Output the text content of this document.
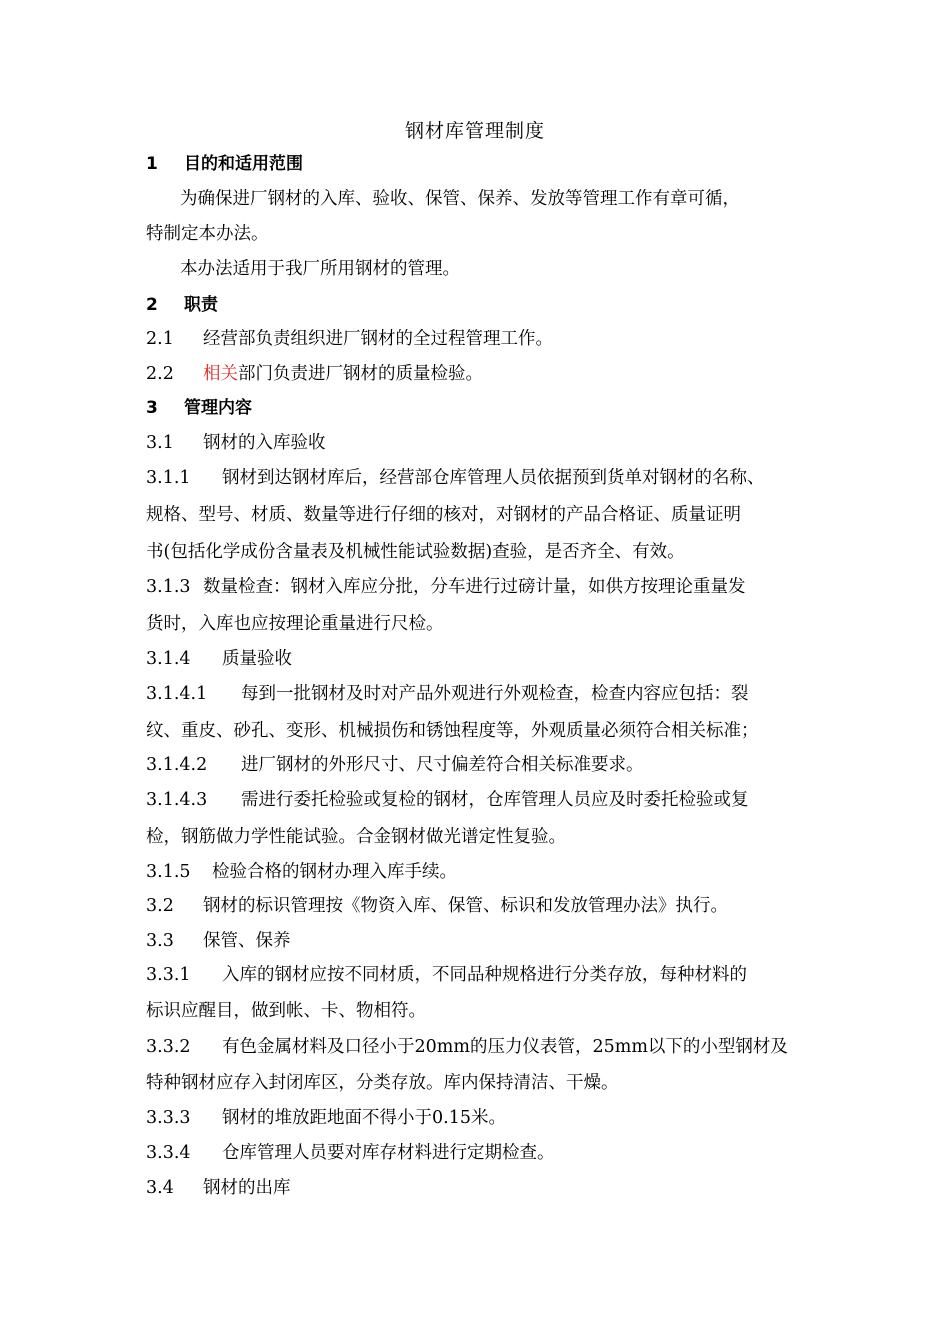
钢材库管理制度
1 目的和适用范围
为确保进厂钢材的入库、验收、保管、保养、发放等管理工作有章可循，
特制定本办法。
本办法适用于我厂所用钢材的管理。
2 职责
2.1 经营部负责组织进厂钢材的全过程管理工作。
2.2 相关部门负责进厂钢材的质量检验。
3 管理内容
3.1 钢材的入库验收
3.1.1 钢材到达钢材库后，经营部仓库管理人员依据预到货单对钢材的名称、
规格、型号、材质、数量等进行仔细的核对，对钢材的产品合格证、质量证明
书(包括化学成份含量表及机械性能试验数据)查验，是否齐全、有效。
3.1.3 数量检查：钢材入库应分批，分车进行过磅计量，如供方按理论重量发
货时，入库也应按理论重量进行尺检。
3.1.4 质量验收
3.1.4.1 每到一批钢材及时对产品外观进行外观检查，检查内容应包括：裂
纹、重皮、砂孔、变形、机械损伤和锈蚀程度等，外观质量必须符合相关标准；
3.1.4.2 进厂钢材的外形尺寸、尺寸偏差符合相关标准要求。
3.1.4.3 需进行委托检验或复检的钢材，仓库管理人员应及时委托检验或复
检，钢筋做力学性能试验。合金钢材做光谱定性复验。
3.1.5 检验合格的钢材办理入库手续。
3.2 钢材的标识管理按《物资入库、保管、标识和发放管理办法》执行。
3.3 保管、保养
3.3.1 入库的钢材应按不同材质，不同品种规格进行分类存放，每种材料的
标识应醒目，做到帐、卡、物相符。
3.3.2 有色金属材料及口径小于20mm的压力仪表管，25mm以下的小型钢材及
特种钢材应存入封闭库区，分类存放。库内保持清洁、干燥。
3.3.3 钢材的堆放距地面不得小于0.15米。
3.3.4 仓库管理人员要对库存材料进行定期检查。
3.4 钢材的出库
